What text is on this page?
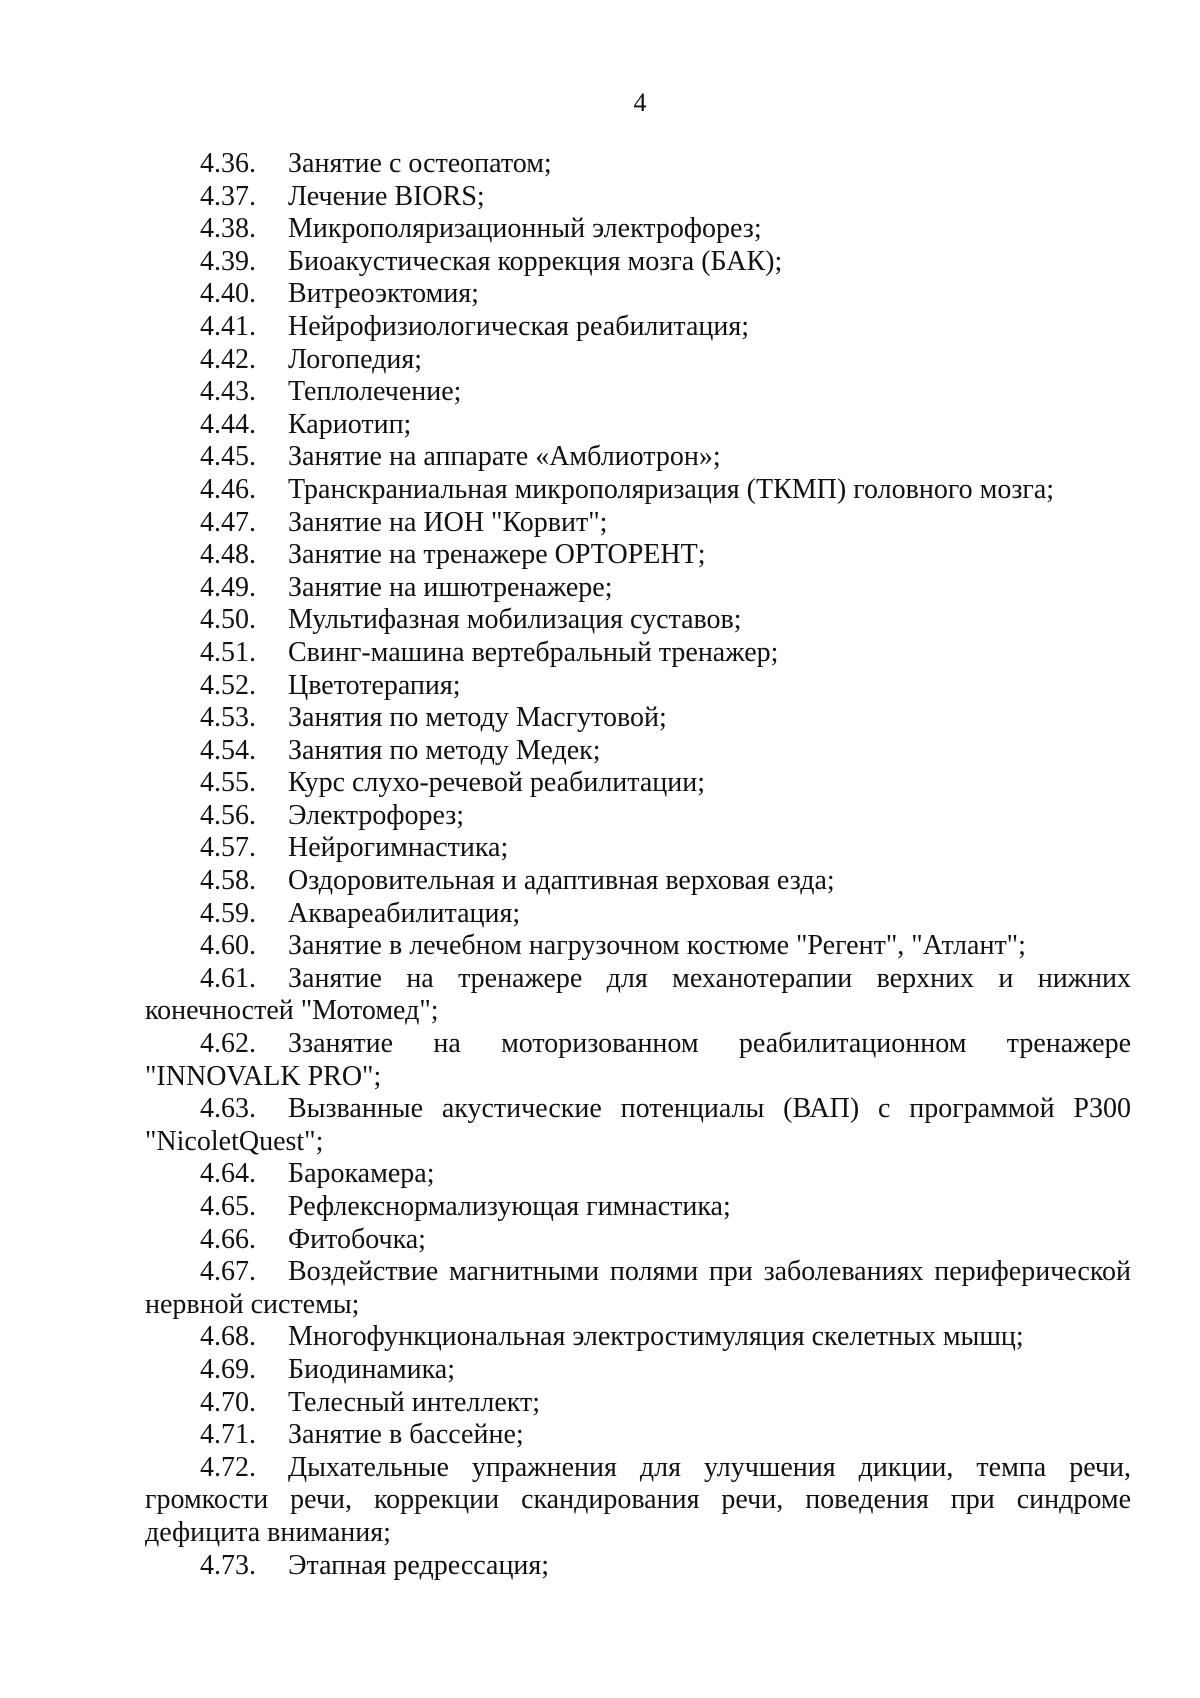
4
4.36.	Занятие с остеопатом;
4.37.	Лечение BIORS;
4.38.	Микрополяризационный электрофорез;
4.39.	Биоакустическая коррекция мозга (БАК);
4.40.	Витреоэктомия;
4.41.	Нейрофизиологическая реабилитация;
4.42.	Логопедия;
4.43.	Теплолечение;
4.44.	Кариотип;
4.45.	Занятие на аппарате «Амблиотрон»;
4.46.	Транскраниальная микрополяризация (ТКМП) головного мозга;
4.47.	Занятие на ИОН "Корвит";
4.48.	Занятие на тренажере ОРТОРЕНТ;
4.49.	Занятие на ишютренажере;
4.50.	Мультифазная мобилизация суставов;
4.51.	Свинг-машина вертебральный тренажер;
4.52.	Цветотерапия;
4.53.	Занятия по методу Масгутовой;
4.54.	Занятия по методу Медек;
4.55.	Курс слухо-речевой реабилитации;
4.56.	Электрофорез;
4.57.	Нейрогимнастика;
4.58.	Оздоровительная и адаптивная верховая езда;
4.59.	Аквареабилитация;
4.60.	Занятие в лечебном нагрузочном костюме "Регент", "Атлант";
4.61. Занятие на тренажере для механотерапии верхних и нижних конечностей "Мотомед";
4.62. Ззанятие на моторизованном реабилитационном тренажере "INNOVALK PRO";
4.63. Вызванные акустические потенциалы (ВАП) с программой Р300 "NicoletQuest";
4.64.	Барокамера;
4.65.	Рефлекснормализующая гимнастика;
4.66.	Фитобочка;
4.67. Воздействие магнитными полями при заболеваниях периферической нервной системы;
4.68.	Многофункциональная электростимуляция скелетных мышц;
4.69.	Биодинамика;
4.70.	Телесный интеллект;
4.71.	Занятие в бассейне;
4.72. Дыхательные упражнения для улучшения дикции, темпа речи, громкости речи, коррекции скандирования речи, поведения при синдроме дефицита внимания;
4.73.	Этапная редрессация;
